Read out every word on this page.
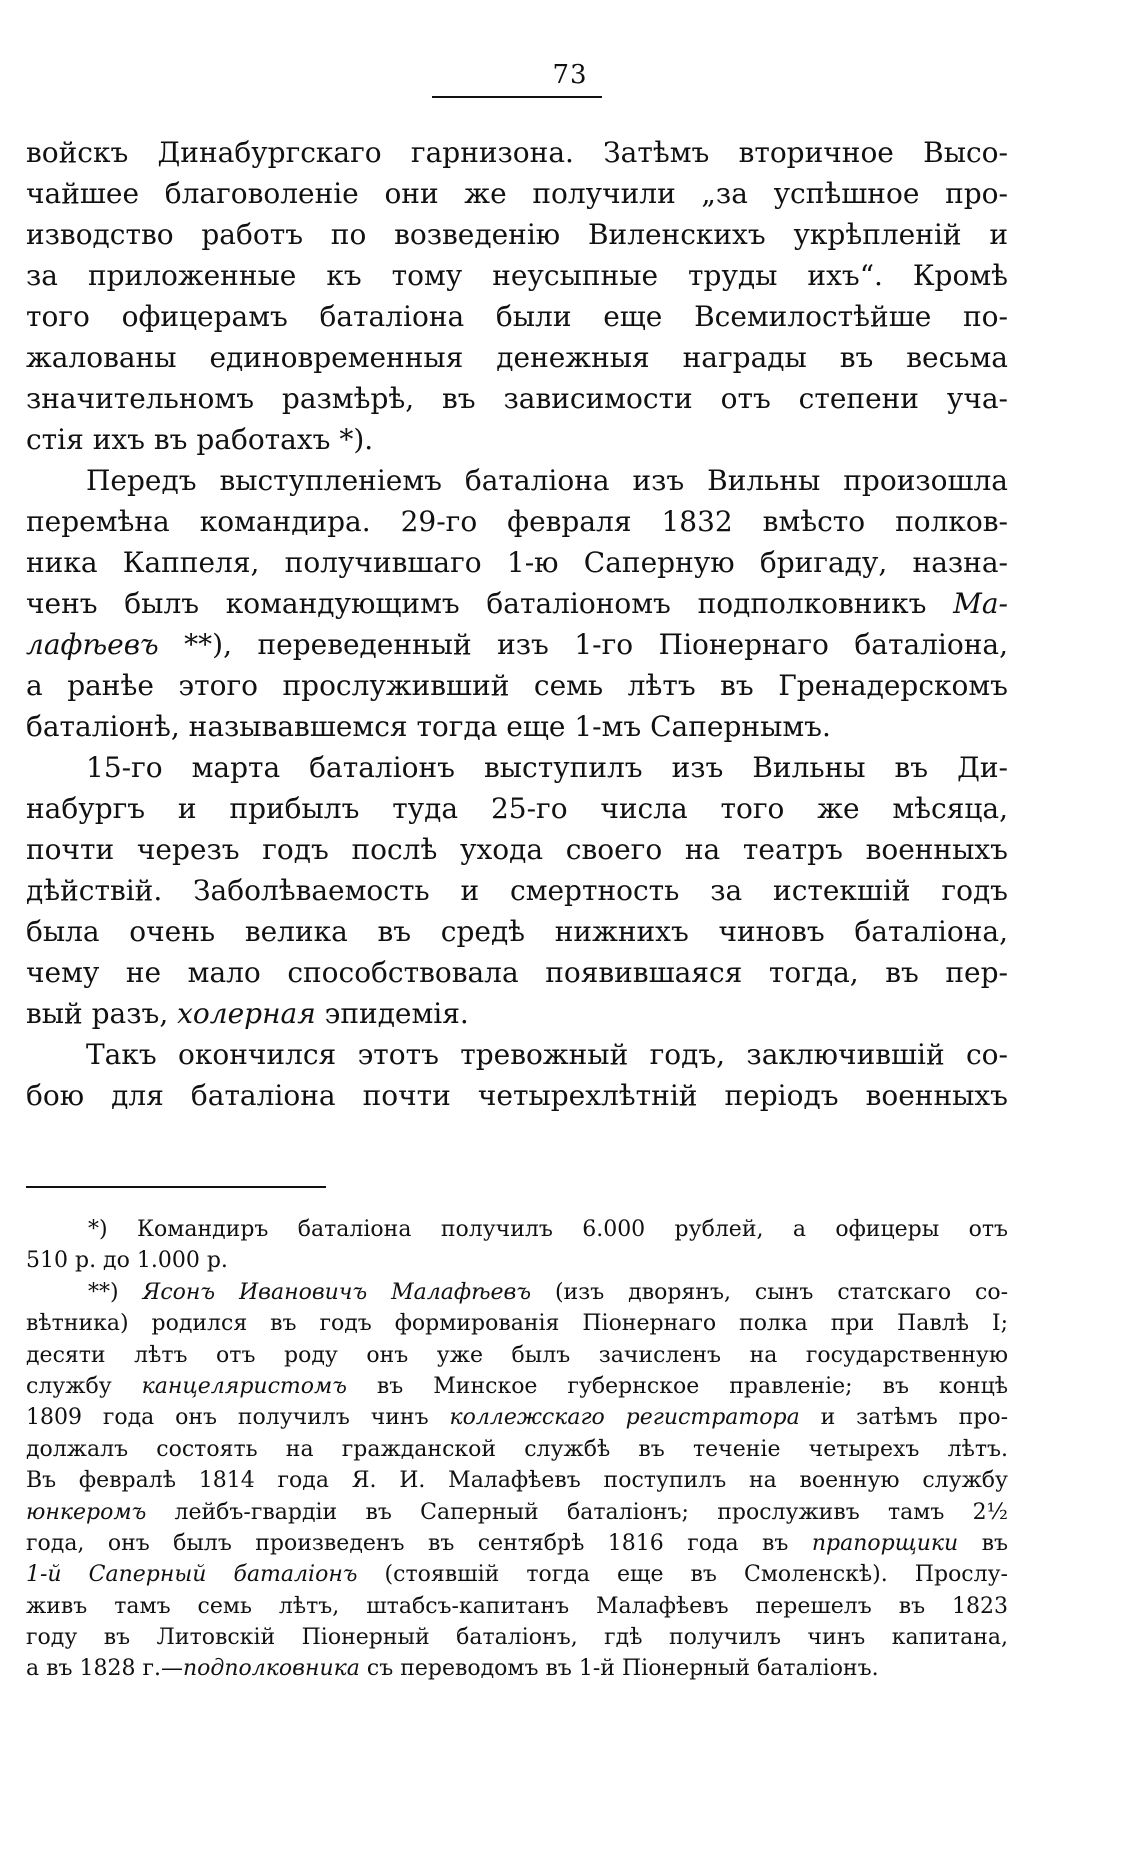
73
войскъ Динабургскаго гарнизона. Затѣмъ вторичное Высо-
чайшее благоволеніе они же получили „за успѣшное про-
изводство работъ по возведенію Виленскихъ укрѣпленій и
за приложенные къ тому неусыпные труды ихъ“. Кромѣ
того офицерамъ баталіона были еще Всемилостѣйше по-
жалованы единовременныя денежныя награды въ весьма
значительномъ размѣрѣ, въ зависимости отъ степени уча-
стія ихъ въ работахъ *).
Передъ выступленіемъ баталіона изъ Вильны произошла
перемѣна командира. 29-го февраля 1832 вмѣсто полков-
ника Каппеля, получившаго 1-ю Саперную бригаду, назна-
ченъ былъ командующимъ баталіономъ подполковникъ Ма-
лафѣевъ **), переведенный изъ 1-го Піонернаго баталіона,
а ранѣе этого прослуживший семь лѣтъ въ Гренадерскомъ
баталіонѣ, называвшемся тогда еще 1-мъ Сапернымъ.
15-го марта баталіонъ выступилъ изъ Вильны въ Ди-
набургъ и прибылъ туда 25-го числа того же мѣсяца,
почти черезъ годъ послѣ ухода своего на театръ военныхъ
дѣйствій. Заболѣваемость и смертность за истекшій годъ
была очень велика въ средѣ нижнихъ чиновъ баталіона,
чему не мало способствовала появившаяся тогда, въ пер-
вый разъ, холерная эпидемія.
Такъ окончился этотъ тревожный годъ, заключившій со-
бою для баталіона почти четырехлѣтній періодъ военныхъ
*) Командиръ баталіона получилъ 6.000 рублей, а офицеры отъ
510 р. до 1.000 р.
**) Ясонъ Ивановичъ Малафѣевъ (изъ дворянъ, сынъ статскаго со-
вѣтника) родился въ годъ формированія Піонернаго полка при Павлѣ I;
десяти лѣтъ отъ роду онъ уже былъ зачисленъ на государственную
службу канцеляристомъ въ Минское губернское правленіе; въ концѣ
1809 года онъ получилъ чинъ коллежскаго регистратора и затѣмъ про-
должалъ состоять на гражданской службѣ въ теченіе четырехъ лѣтъ.
Въ февралѣ 1814 года Я. И. Малафѣевъ поступилъ на военную службу
юнкеромъ лейбъ-гвардіи въ Саперный баталіонъ; прослуживъ тамъ 2½
года, онъ былъ произведенъ въ сентябрѣ 1816 года въ прапорщики въ
1-й Саперный баталіонъ (стоявшій тогда еще въ Смоленскѣ). Прослу-
живъ тамъ семь лѣтъ, штабсъ-капитанъ Малафѣевъ перешелъ въ 1823
году въ Литовскій Піонерный баталіонъ, гдѣ получилъ чинъ капитана,
а въ 1828 г.—подполковника съ переводомъ въ 1-й Піонерный баталіонъ.
